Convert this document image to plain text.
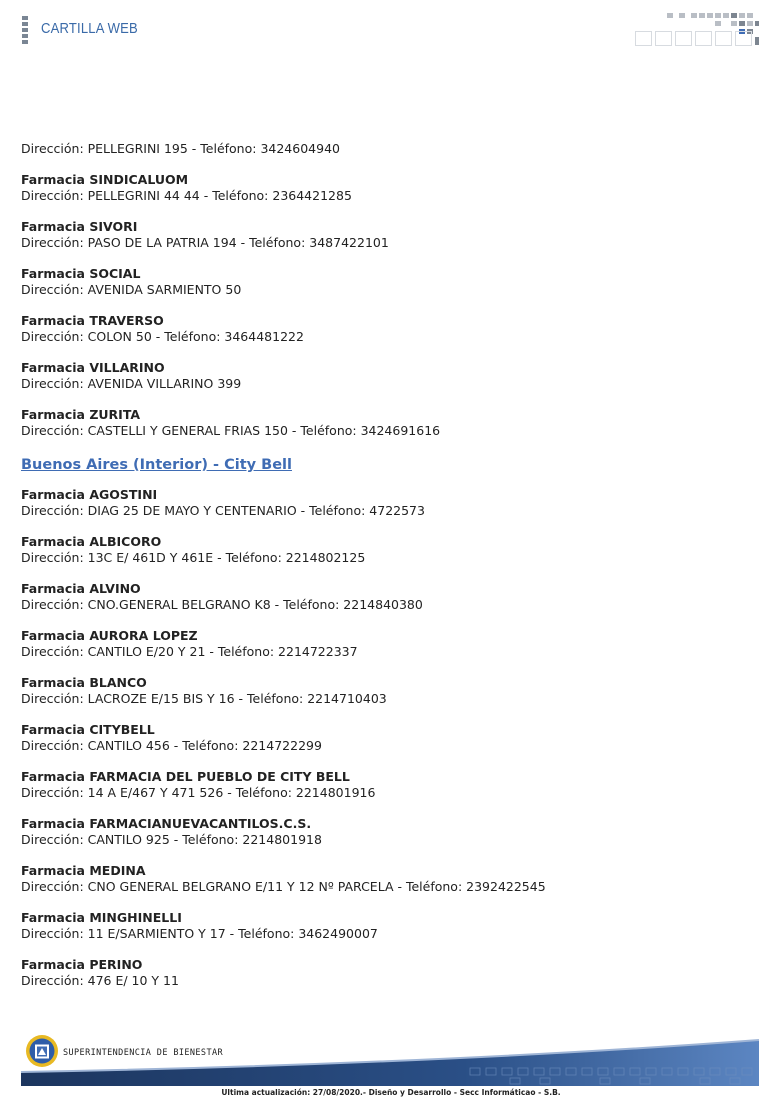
CARTILLA WEB
Dirección: PELLEGRINI 195 - Teléfono: 3424604940
Farmacia SINDICALUOM
Dirección: PELLEGRINI 44 44 - Teléfono: 2364421285
Farmacia SIVORI
Dirección: PASO DE LA PATRIA 194 - Teléfono: 3487422101
Farmacia SOCIAL
Dirección: AVENIDA SARMIENTO 50
Farmacia TRAVERSO
Dirección: COLON 50 - Teléfono: 3464481222
Farmacia VILLARINO
Dirección: AVENIDA VILLARINO 399
Farmacia ZURITA
Dirección: CASTELLI Y GENERAL FRIAS 150 - Teléfono: 3424691616
Buenos Aires (Interior) - City Bell
Farmacia AGOSTINI
Dirección: DIAG 25 DE MAYO Y CENTENARIO - Teléfono: 4722573
Farmacia ALBICORO
Dirección: 13C E/ 461D Y 461E - Teléfono: 2214802125
Farmacia ALVINO
Dirección: CNO.GENERAL BELGRANO K8 - Teléfono: 2214840380
Farmacia AURORA LOPEZ
Dirección: CANTILO E/20 Y 21 - Teléfono: 2214722337
Farmacia BLANCO
Dirección: LACROZE E/15 BIS Y 16 - Teléfono: 2214710403
Farmacia CITYBELL
Dirección: CANTILO 456 - Teléfono: 2214722299
Farmacia FARMACIA DEL PUEBLO DE CITY BELL
Dirección: 14 A E/467 Y 471 526 - Teléfono: 2214801916
Farmacia FARMACIANUEVACANTILOS.C.S.
Dirección: CANTILO 925 - Teléfono: 2214801918
Farmacia MEDINA
Dirección: CNO GENERAL BELGRANO E/11 Y 12 Nº PARCELA - Teléfono: 2392422545
Farmacia MINGHINELLI
Dirección: 11 E/SARMIENTO Y 17 - Teléfono: 3462490007
Farmacia PERINO
Dirección: 476 E/ 10 Y 11
SUPERINTENDENCIA DE BIENESTAR
Ultima actualización: 27/08/2020.- Diseño y Desarrollo - Secc Informáticao - S.B.
